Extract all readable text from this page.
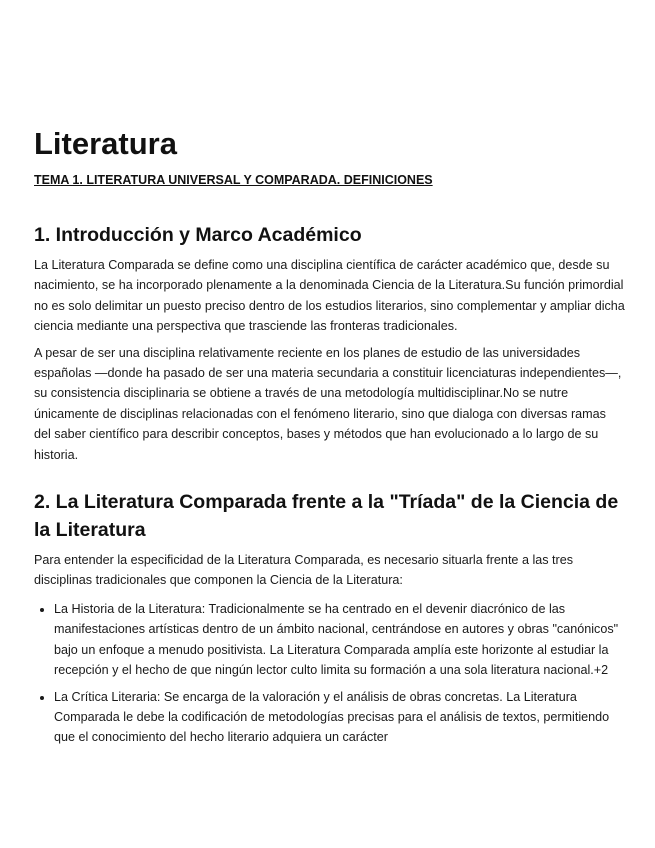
Literatura
TEMA 1. LITERATURA UNIVERSAL Y COMPARADA. DEFINICIONES
1. Introducción y Marco Académico

La Literatura Comparada se define como una disciplina científica de carácter académico que, desde su nacimiento, se ha incorporado plenamente a la denominada Ciencia de la Literatura.Su función primordial no es solo delimitar un puesto preciso dentro de los estudios literarios, sino complementar y ampliar dicha ciencia mediante una perspectiva que trasciende las fronteras tradicionales.

A pesar de ser una disciplina relativamente reciente en los planes de estudio de las universidades españolas —donde ha pasado de ser una materia secundaria a constituir licenciaturas independientes—, su consistencia disciplinaria se obtiene a través de una metodología multidisciplinar.No se nutre únicamente de disciplinas relacionadas con el fenómeno literario, sino que dialoga con diversas ramas del saber científico para describir conceptos, bases y métodos que han evolucionado a lo largo de su historia.

2. La Literatura Comparada frente a la "Tríada" de la Ciencia de la Literatura

Para entender la especificidad de la Literatura Comparada, es necesario situarla frente a las tres disciplinas tradicionales que componen la Ciencia de la Literatura:

• La Historia de la Literatura: Tradicionalmente se ha centrado en el devenir diacrónico de las manifestaciones artísticas dentro de un ámbito nacional, centrándose en autores y obras "canónicos" bajo un enfoque a menudo positivista. La Literatura Comparada amplía este horizonte al estudiar la recepción y el hecho de que ningún lector culto limita su formación a una sola literatura nacional.+2
• La Crítica Literaria: Se encarga de la valoración y el análisis de obras concretas. La Literatura Comparada le debe la codificación de metodologías precisas para el análisis de textos, permitiendo que el conocimiento del hecho literario adquiera un carácter
